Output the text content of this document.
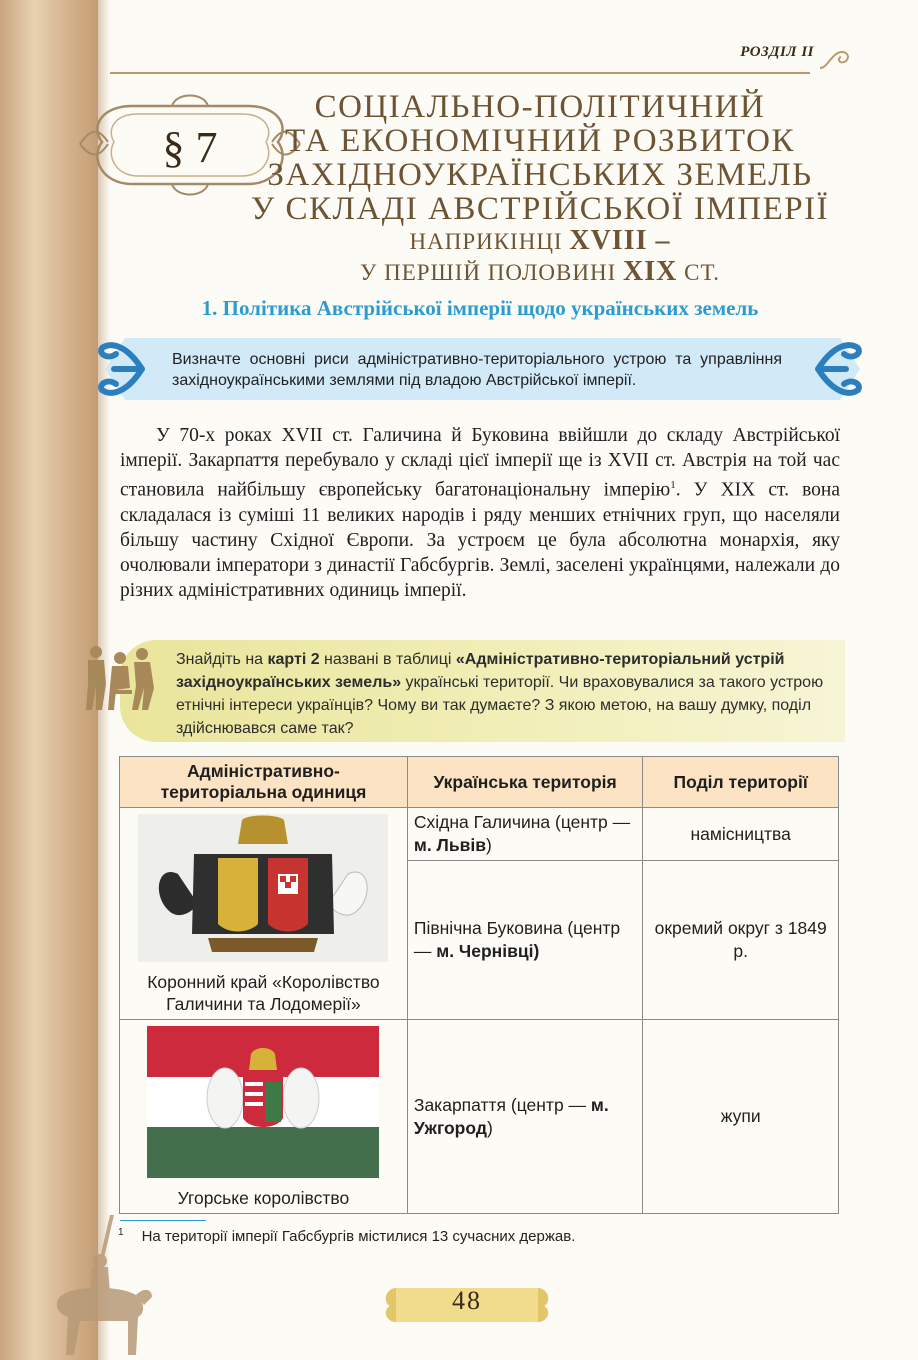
РОЗДІЛ II
§ 7
СОЦІАЛЬНО-ПОЛІТИЧНИЙ
ТА ЕКОНОМІЧНИЙ РОЗВИТОК
ЗАХІДНОУКРАЇНСЬКИХ ЗЕМЕЛЬ
У СКЛАДІ АВСТРІЙСЬКОЇ ІМПЕРІЇ
НАПРИКІНЦІ XVIII –
У ПЕРШІЙ ПОЛОВИНІ XIX СТ.
1. Політика Австрійської імперії щодо українських земель
Визначте основні риси адміністративно-територіального устрою та управління західноукраїнськими землями під владою Австрійської імперії.

У 70-х роках XVII ст. Галичина й Буковина ввійшли до складу Австрійської імперії. Закарпаття перебувало у складі цієї імперії ще із XVII ст. Австрія на той час становила найбільшу європейську багатонаціональну імперію$^1$. У XIX ст. вона складалася із суміші 11 великих народів і ряду менших етнічних груп, що населяли більшу частину Східної Європи. За устроєм це була абсолютна монархія, яку очолювали імператори з династії Габсбургів. Землі, заселені українцями, належали до різних адміністративних одиниць імперії.

Знайдіть на карті 2 названі в таблиці «Адміністративно-територіальний устрій західноукраїнських земель» українські території. Чи враховувалися за такого устрою етнічні інтереси українців? Чому ви так думаєте? З якою метою, на вашу думку, поділ здійснювався саме так?
Адміністративно-територіальна одиниця	Українська територія	Поділ території

Коронний край «Королівство Галичини та Лодомерії»	Східна Галичина (центр — м. Львів)	намісництва
	Північна Буковина (центр — м. Чернівці)	окремий округ з 1849 р.

Угорське королівство	Закарпаття (центр — м. Ужгород)	жупи
$^1$ На території імперії Габсбургів містилися 13 сучасних держав.
48
